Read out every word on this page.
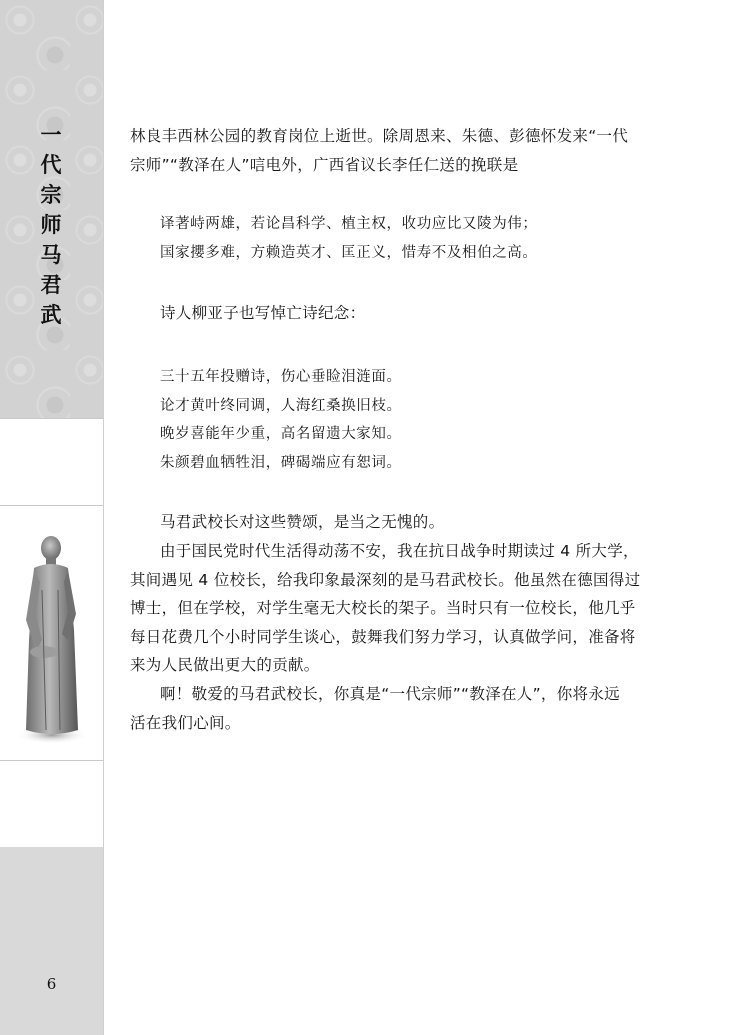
一
代
宗
师
马
君
武
6
林良丰西林公园的教育岗位上逝世。除周恩来、朱德、彭德怀发来“一代
宗师”“教泽在人”唁电外，广西省议长李任仁送的挽联是
译著峙两雄，若论昌科学、植主权，收功应比又陵为伟；
国家攖多难，方赖造英才、匡正义，惜寿不及相伯之高。
诗人柳亚子也写悼亡诗纪念：
三十五年投赠诗，伤心垂睑泪涟面。
论才黄叶终同调，人海红桑换旧枝。
晚岁喜能年少重，高名留遗大家知。
朱颜碧血牺牲泪，碑碣端应有恕词。
马君武校长对这些赞颂，是当之无愧的。
由于国民党时代生活得动荡不安，我在抗日战争时期读过 4 所大学，
其间遇见 4 位校长，给我印象最深刻的是马君武校长。他虽然在德国得过
博士，但在学校，对学生毫无大校长的架子。当时只有一位校长，他几乎
每日花费几个小时同学生谈心，鼓舞我们努力学习，认真做学问，准备将
来为人民做出更大的贡献。
啊！敬爱的马君武校长，你真是“一代宗师”“教泽在人”，你将永远
活在我们心间。
